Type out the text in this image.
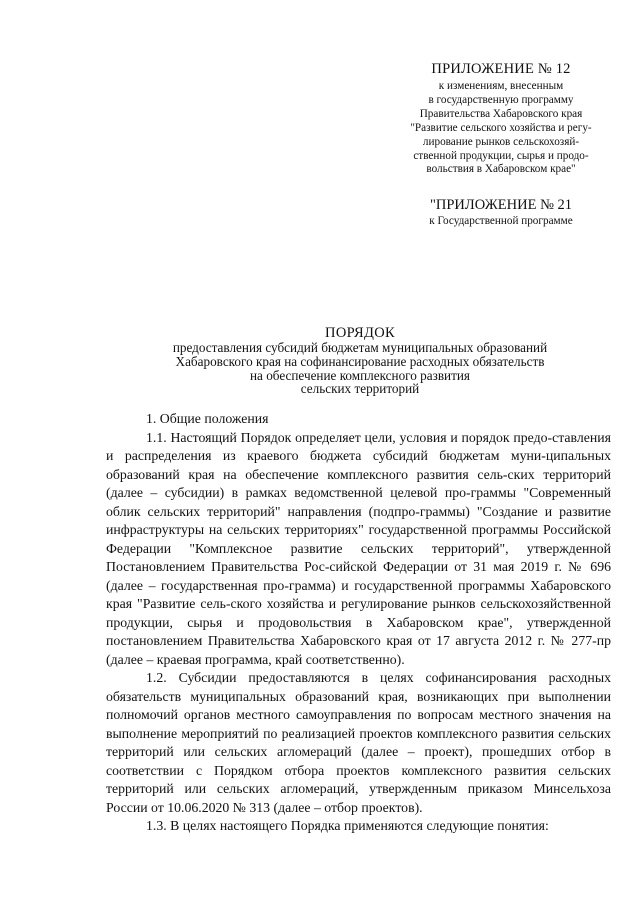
ПРИЛОЖЕНИЕ № 12
к изменениям, внесенным
в государственную программу
Правительства Хабаровского края
"Развитие сельского хозяйства и регу-
лирование рынков сельскохозяй-
ственной продукции, сырья и продо-
вольствия в Хабаровском крае"
"ПРИЛОЖЕНИЕ № 21
к Государственной программе
ПОРЯДОК
предоставления субсидий бюджетам муниципальных образований
Хабаровского края на софинансирование расходных обязательств
на обеспечение комплексного развития
сельских территорий
1. Общие положения
1.1. Настоящий Порядок определяет цели, условия и порядок предо-ставления и распределения из краевого бюджета субсидий бюджетам муни-ципальных образований края на обеспечение комплексного развития сель-ских территорий (далее – субсидии) в рамках ведомственной целевой про-граммы "Современный облик сельских территорий" направления (подпро-граммы) "Создание и развитие инфраструктуры на сельских территориях" государственной программы Российской Федерации "Комплексное развитие сельских территорий", утвержденной Постановлением Правительства Рос-сийской Федерации от 31 мая 2019 г. № 696 (далее – государственная про-грамма) и государственной программы Хабаровского края "Развитие сель-ского хозяйства и регулирование рынков сельскохозяйственной продукции, сырья и продовольствия в Хабаровском крае", утвержденной постановлением Правительства Хабаровского края от 17 августа 2012 г. № 277-пр (далее – краевая программа, край соответственно).
1.2. Субсидии предоставляются в целях софинансирования расходных обязательств муниципальных образований края, возникающих при выполнении полномочий органов местного самоуправления по вопросам местного значения на выполнение мероприятий по реализацией проектов комплексного развития сельских территорий или сельских агломераций (далее – проект), прошедших отбор в соответствии с Порядком отбора проектов комплексного развития сельских территорий или сельских агломераций, утвержденным приказом Минсельхоза России от 10.06.2020 № 313 (далее – отбор проектов).
1.3. В целях настоящего Порядка применяются следующие понятия:
